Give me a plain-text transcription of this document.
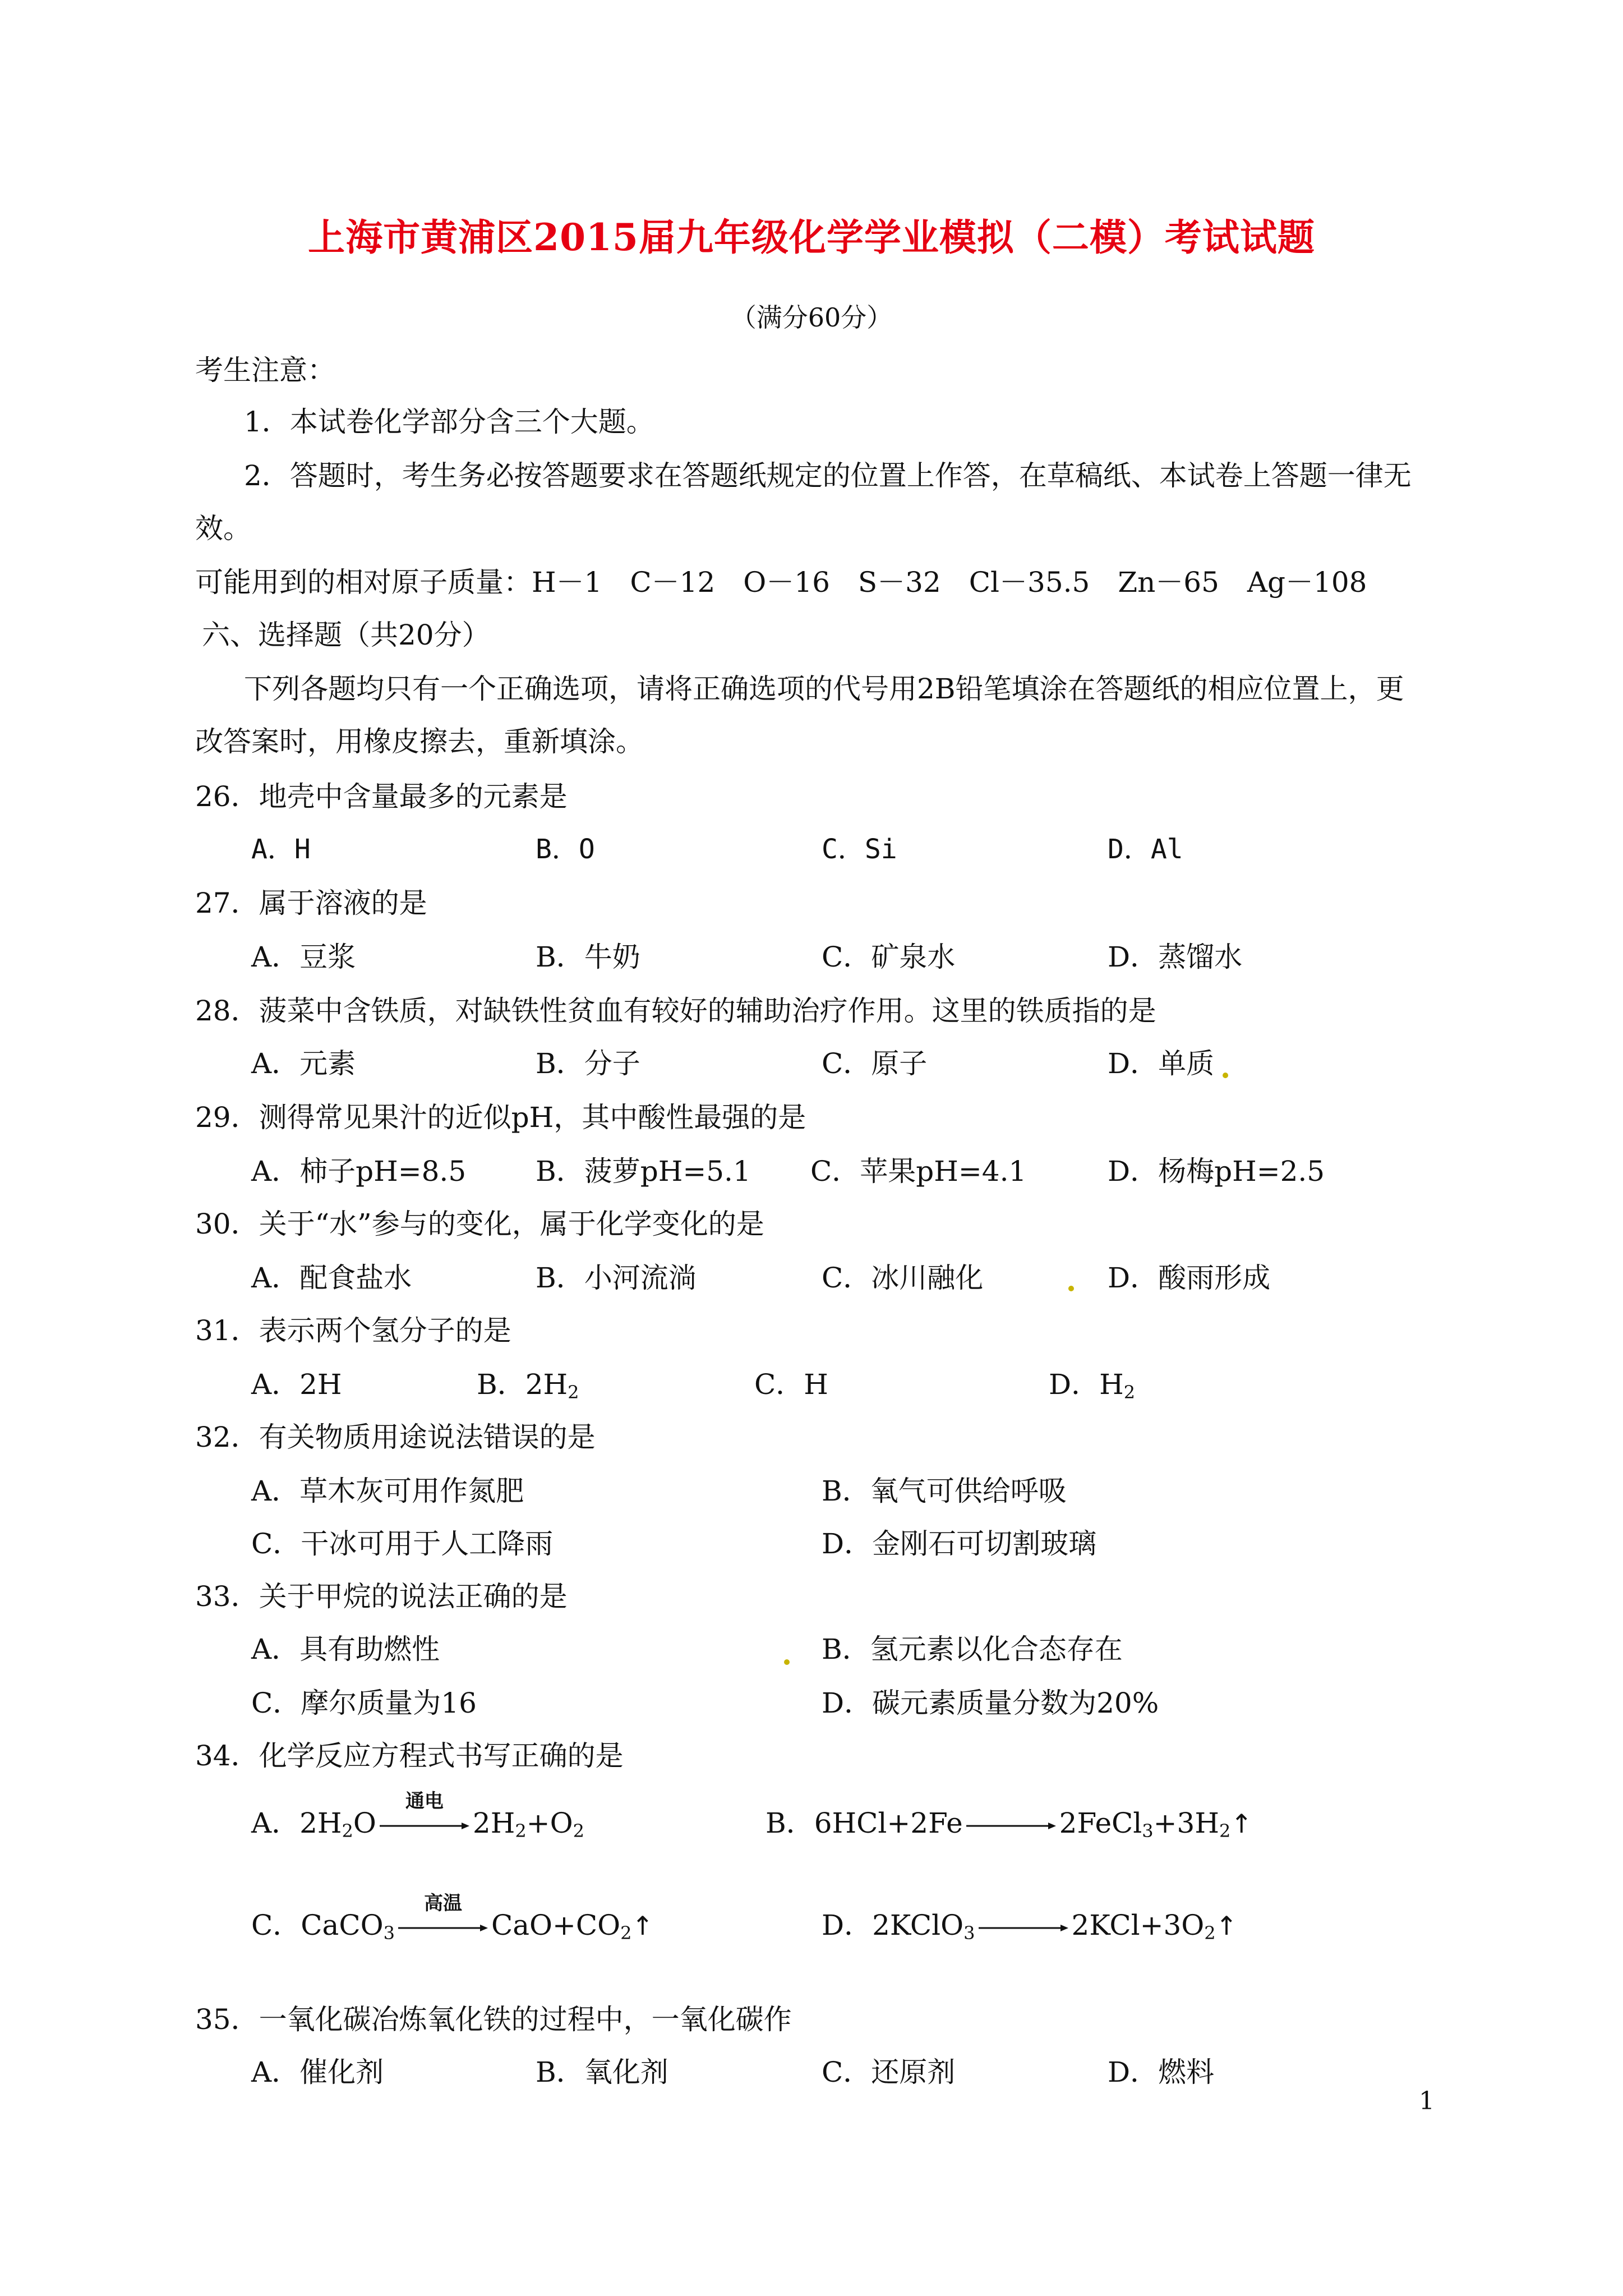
上海市黄浦区2015届九年级化学学业模拟（二模）考试试题
（满分60分）
考生注意：
1．本试卷化学部分含三个大题。
2．答题时，考生务必按答题要求在答题纸规定的位置上作答，在草稿纸、本试卷上答题一律无
效。
可能用到的相对原子质量：H－1　C－12　O－16　S－32　Cl－35.5　Zn－65　Ag－108
六、选择题（共20分）
下列各题均只有一个正确选项，请将正确选项的代号用2B铅笔填涂在答题纸的相应位置上，更
改答案时，用橡皮擦去，重新填涂。
26．地壳中含量最多的元素是
A．H	B．O	C．Si	D．Al
27．属于溶液的是
A．豆浆	B．牛奶	C．矿泉水	D．蒸馏水
28．菠菜中含铁质，对缺铁性贫血有较好的辅助治疗作用。这里的铁质指的是
A．元素	B．分子	C．原子	D．单质
29．测得常见果汁的近似pH，其中酸性最强的是
A．柿子pH=8.5 B．菠萝pH=5.1 C．苹果pH=4.1	D．杨梅pH=2.5
30．关于“水”参与的变化，属于化学变化的是
A．配食盐水	B．小河流淌	C．冰川融化	D．酸雨形成
31．表示两个氢分子的是
A．2H	B．$2H_2$	C．H	D．$H_2$
32．有关物质用途说法错误的是
A．草木灰可用作氮肥	B．氧气可供给呼吸
C．干冰可用于人工降雨	D．金刚石可切割玻璃
33．关于甲烷的说法正确的是
A．具有助燃性	B．氢元素以化合态存在
C．摩尔质量为16	D．碳元素质量分数为20%
34．化学反应方程式书写正确的是
A．$2H_2O$
通电
$2H_2+O_2$	B．$6HCl+2Fe \to 2FeCl_3+3H_2↑$
C．CaCO$_3$
高温
$CaO+CO_2↑$	D．2KClO$_3$ → $2KCl+3O_2↑$
35．一氧化碳冶炼氧化铁的过程中，一氧化碳作
A．催化剂	B．氧化剂	C．还原剂	D．燃料
1
